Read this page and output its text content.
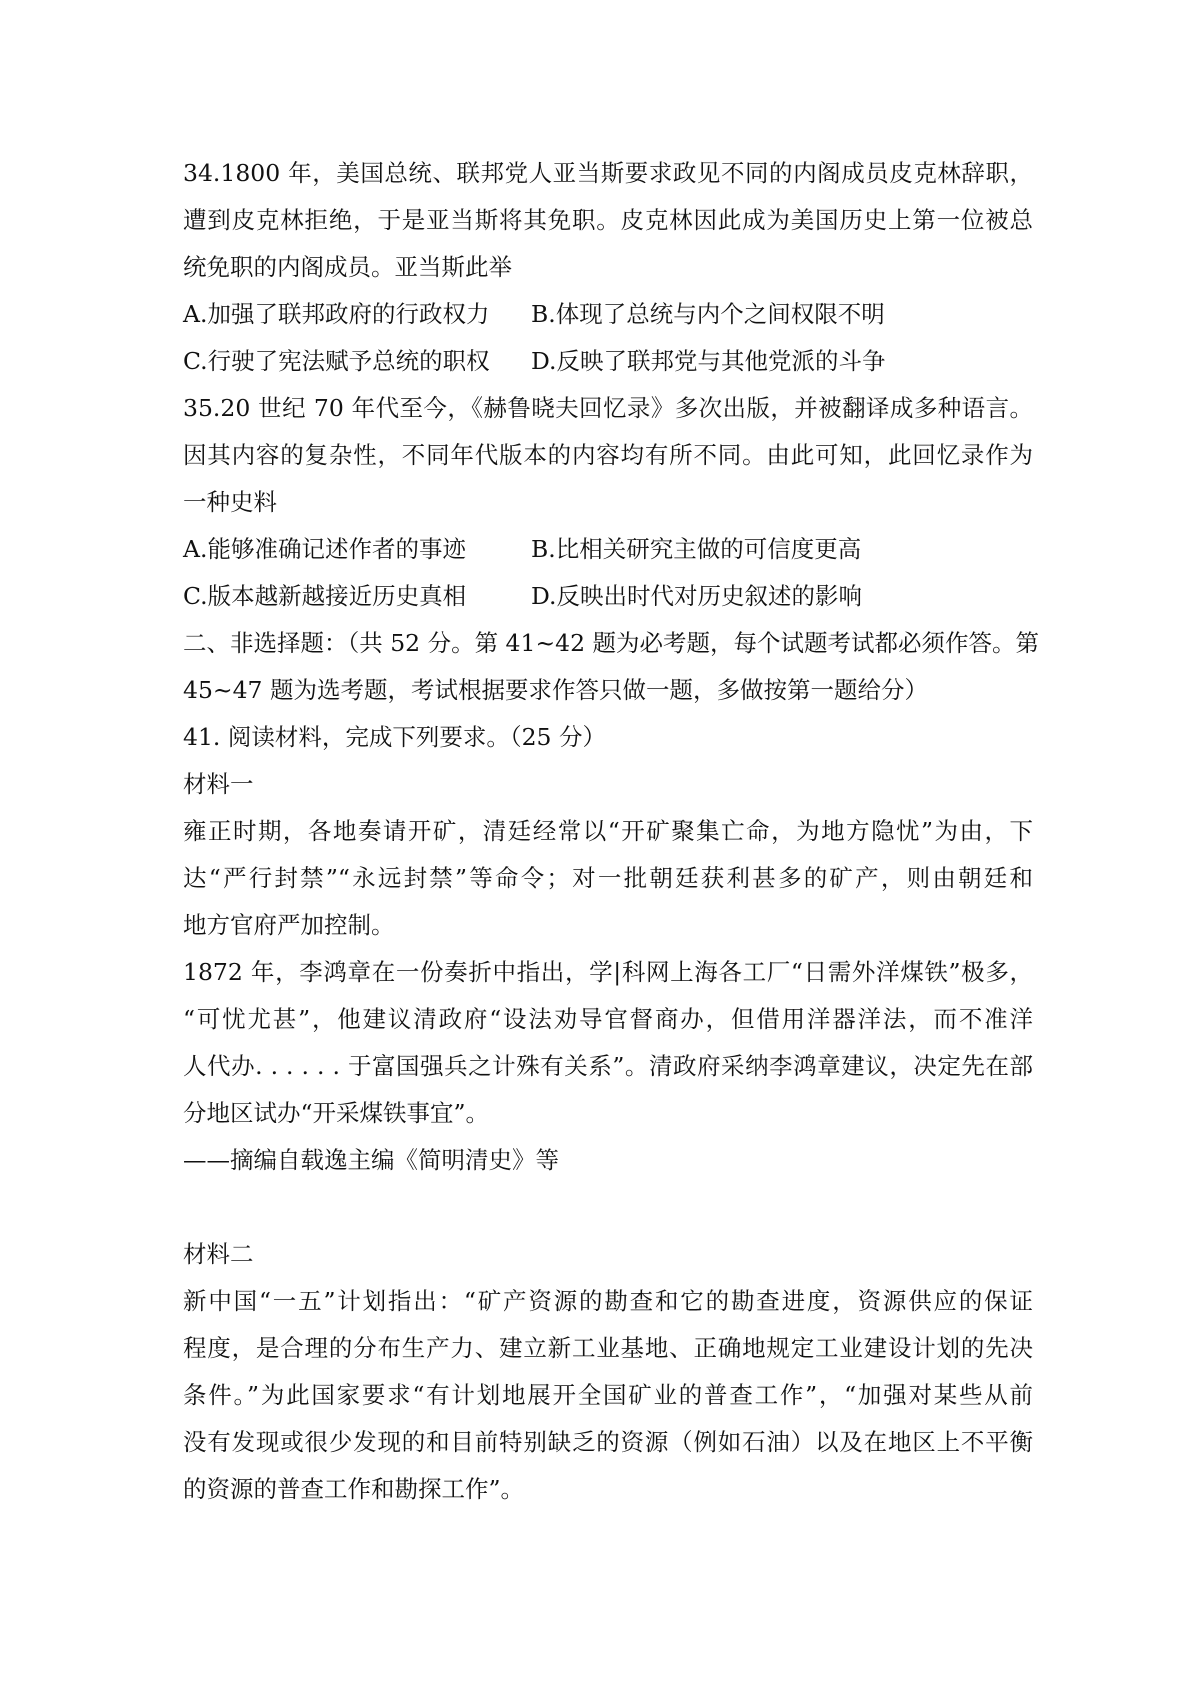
34.1800 年，美国总统、联邦党人亚当斯要求政见不同的内阁成员皮克林辞职，
遭到皮克林拒绝，于是亚当斯将其免职。皮克林因此成为美国历史上第一位被总
统免职的内阁成员。亚当斯此举
A.加强了联邦政府的行政权力 B.体现了总统与内个之间权限不明
C.行驶了宪法赋予总统的职权 D.反映了联邦党与其他党派的斗争
35.20 世纪 70 年代至今，《赫鲁晓夫回忆录》多次出版，并被翻译成多种语言。
因其内容的复杂性，不同年代版本的内容均有所不同。由此可知，此回忆录作为
一种史料
A.能够准确记述作者的事迹	B.比相关研究主做的可信度更高
C.版本越新越接近历史真相	D.反映出时代对历史叙述的影响
二、非选择题：（共 52 分。第 41~42 题为必考题，每个试题考试都必须作答。第
45~47 题为选考题，考试根据要求作答只做一题，多做按第一题给分）
41. 阅读材料，完成下列要求。（25 分）
材料一
雍正时期，各地奏请开矿，清廷经常以“开矿聚集亡命，为地方隐忧”为由，下
达“严行封禁”“永远封禁”等命令；对一批朝廷获利甚多的矿产，则由朝廷和
地方官府严加控制。
1872 年，李鸿章在一份奏折中指出，学|科网上海各工厂“日需外洋煤铁”极多，
“可忧尤甚”，他建议清政府“设法劝导官督商办，但借用洋器洋法，而不准洋
人代办. . . . . . 于富国强兵之计殊有关系”。清政府采纳李鸿章建议，决定先在部
分地区试办“开采煤铁事宜”。
——摘编自载逸主编《简明清史》等
材料二
新中国“一五”计划指出：“矿产资源的勘查和它的勘查进度，资源供应的保证
程度，是合理的分布生产力、建立新工业基地、正确地规定工业建设计划的先决
条件。”为此国家要求“有计划地展开全国矿业的普查工作”，“加强对某些从前
没有发现或很少发现的和目前特别缺乏的资源（例如石油）以及在地区上不平衡
的资源的普查工作和勘探工作”。
